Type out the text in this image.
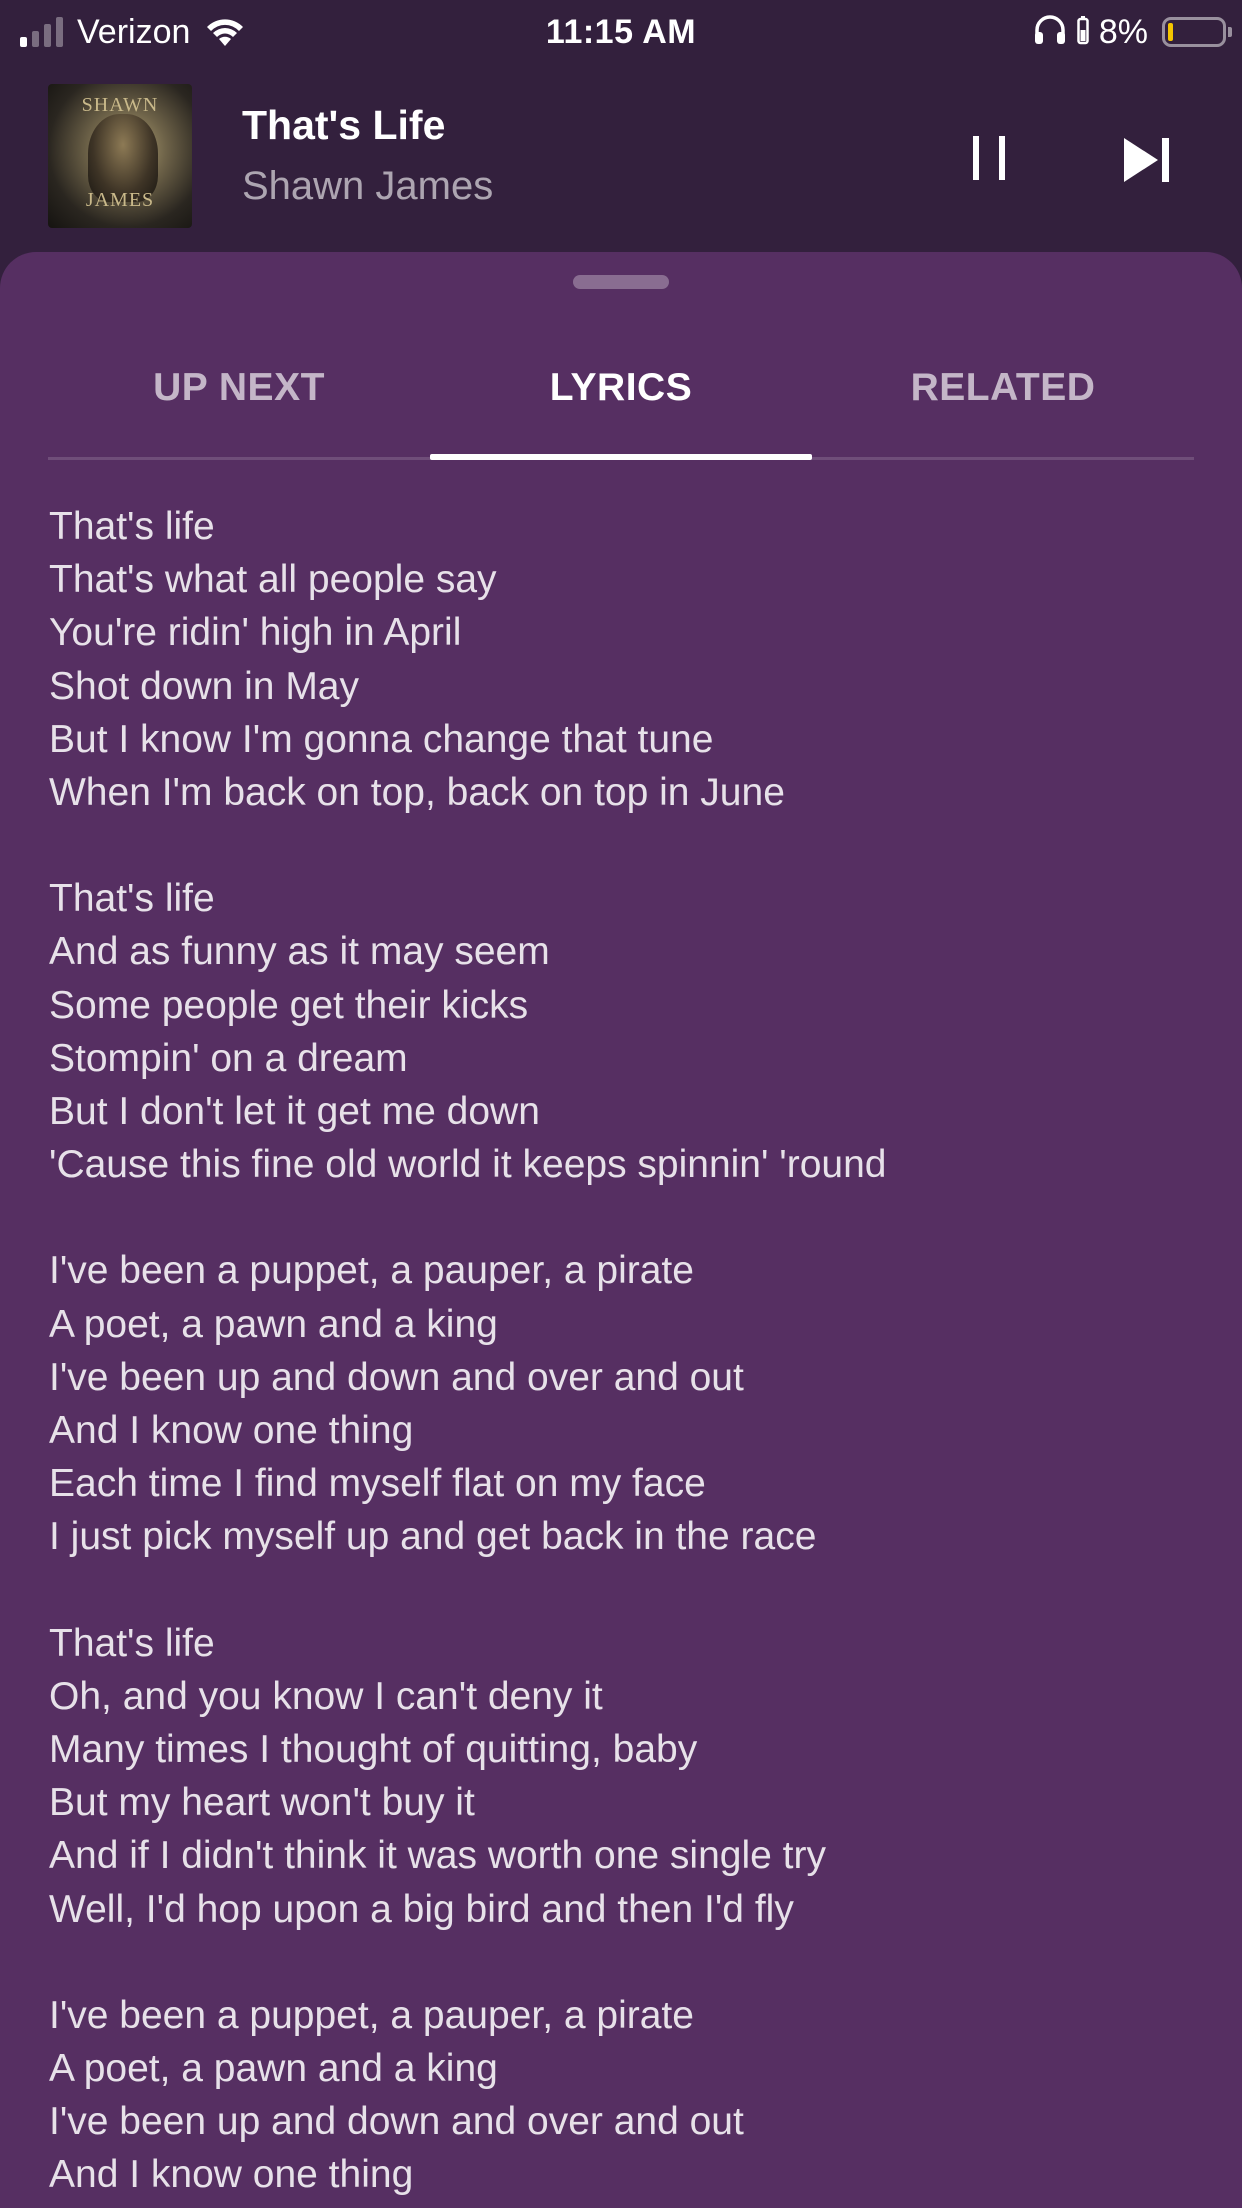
Verizon	11:15 AM	8%
SHAWN
JAMES
That's Life
Shawn James
UP NEXT	LYRICS	RELATED
That's life
That's what all people say
You're ridin' high in April
Shot down in May
But I know I'm gonna change that tune
When I'm back on top, back on top in June
That's life
And as funny as it may seem
Some people get their kicks
Stompin' on a dream
But I don't let it get me down
'Cause this fine old world it keeps spinnin' 'round
I've been a puppet, a pauper, a pirate
A poet, a pawn and a king
I've been up and down and over and out
And I know one thing
Each time I find myself flat on my face
I just pick myself up and get back in the race
That's life
Oh, and you know I can't deny it
Many times I thought of quitting, baby
But my heart won't buy it
And if I didn't think it was worth one single try
Well, I'd hop upon a big bird and then I'd fly
I've been a puppet, a pauper, a pirate
A poet, a pawn and a king
I've been up and down and over and out
And I know one thing
